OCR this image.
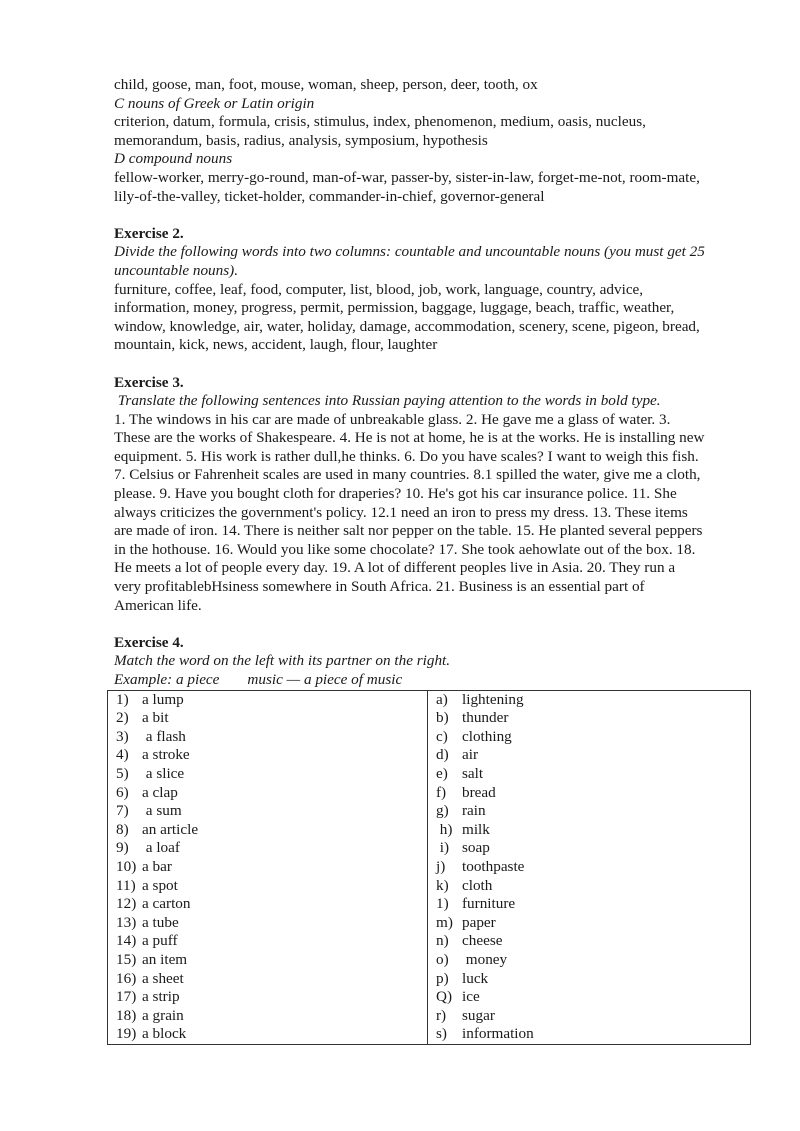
child, goose, man, foot, mouse, woman, sheep, person, deer, tooth, ox

C nouns of Greek or Latin origin

criterion, datum, formula, crisis, stimulus, index, phenomenon, medium, oasis, nucleus,

memorandum, basis, radius, analysis, symposium, hypothesis

D compound nouns

fellow-worker, merry-go-round, man-of-war, passer-by, sister-in-law, forget-me-not, room-mate,

lily-of-the-valley, ticket-holder, commander-in-chief, governor-general

Exercise 2.

Divide the following words into two columns: countable and uncountable nouns (you must get 25

uncountable nouns).

furniture, coffee, leaf, food, computer, list, blood, job, work, language, country, advice,

information, money, progress, permit, permission, baggage, luggage, beach, traffic, weather,

window, knowledge, air, water, holiday, damage, accommodation, scenery, scene, pigeon, bread,

mountain, kick, news, accident, laugh, flour, laughter

Exercise 3.

Translate the following sentences into Russian paying attention to the words in bold type.

1. The windows in his car are made of unbreakable glass. 2. He gave me a glass of water. 3.

These are the works of Shakespeare. 4. He is not at home, he is at the works. He is installing new

equipment. 5. His work is rather dull,he thinks. 6. Do you have scales? I want to weigh this fish.

7. Celsius or Fahrenheit scales are used in many countries. 8.1 spilled the water, give me a cloth,

please. 9. Have you bought cloth for draperies? 10. He's got his car insurance police. 11. She

always criticizes the government's policy. 12.1 need an iron to press my dress. 13. These items

are made of iron. 14. There is neither salt nor pepper on the table. 15. He planted several peppers

in the hothouse. 16. Would you like some chocolate? 17. She took aehowlate out of the box. 18.

He meets a lot of people every day. 19. A lot of different peoples live in Asia. 20. They run a

very profitablebHsiness somewhere in South Africa. 21. Business is an essential part of

American life.

Exercise 4.

Match the word on the left with its partner on the right.

Example: a piece music — a piece of music

1) a lump	a) lightening
2) a bit	b) thunder
3) a flash	c) clothing
4) a stroke	d) air
5) a slice	e) salt
6) a clap	f) bread
7) a sum	g) rain
8) an article	h) milk
9) a loaf	i) soap
10) a bar	j) toothpaste
11) a spot	k) cloth
12) a carton	1) furniture
13) a tube	m) paper
14) a puff	n) cheese
15) an item	o) money
16) a sheet	p) luck
17) a strip	Q) ice
18) a grain	r) sugar
19) a block	s) information
